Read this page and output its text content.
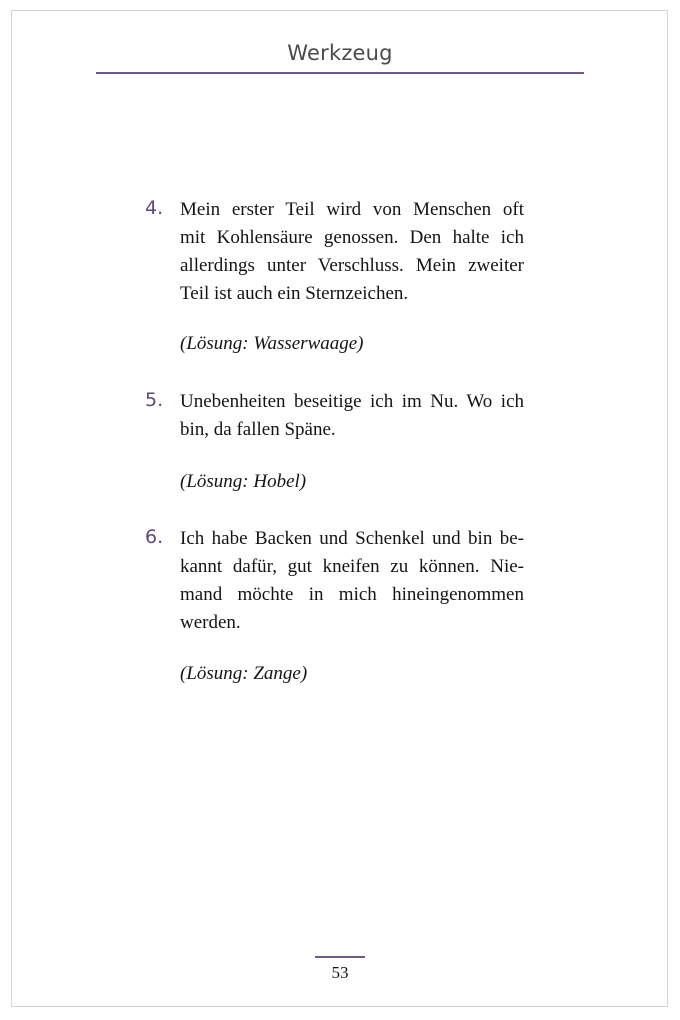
Werkzeug
4. Mein erster Teil wird von Menschen oft
mit Kohlensäure genossen. Den halte ich
allerdings unter Verschluss. Mein zweiter
Teil ist auch ein Sternzeichen.
(Lösung: Wasserwaage)
5. Unebenheiten beseitige ich im Nu. Wo ich
bin, da fallen Späne.
(Lösung: Hobel)
6. Ich habe Backen und Schenkel und bin be-
kannt dafür, gut kneifen zu können. Nie-
mand möchte in mich hineingenommen
werden.
(Lösung: Zange)
53
